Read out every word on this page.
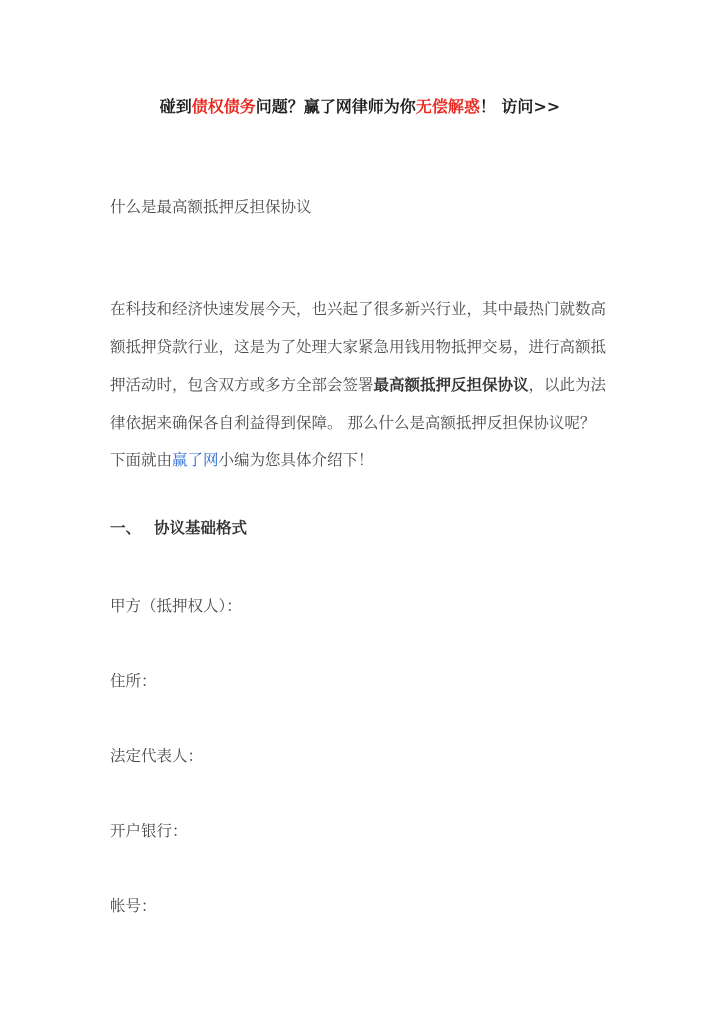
碰到债权债务问题？赢了网律师为你无偿解惑！ 访问>>
什么是最高额抵押反担保协议
在科技和经济快速发展今天，也兴起了很多新兴行业，其中最热门就数高额抵押贷款行业，这是为了处理大家紧急用钱用物抵押交易，进行高额抵押活动时，包含双方或多方全部会签署最高额抵押反担保协议，以此为法律依据来确保各自利益得到保障。 那么什么是高额抵押反担保协议呢？下面就由赢了网小编为您具体介绍下！
一、 协议基础格式
甲方（抵押权人）：
住所：
法定代表人：
开户银行：
帐号：
